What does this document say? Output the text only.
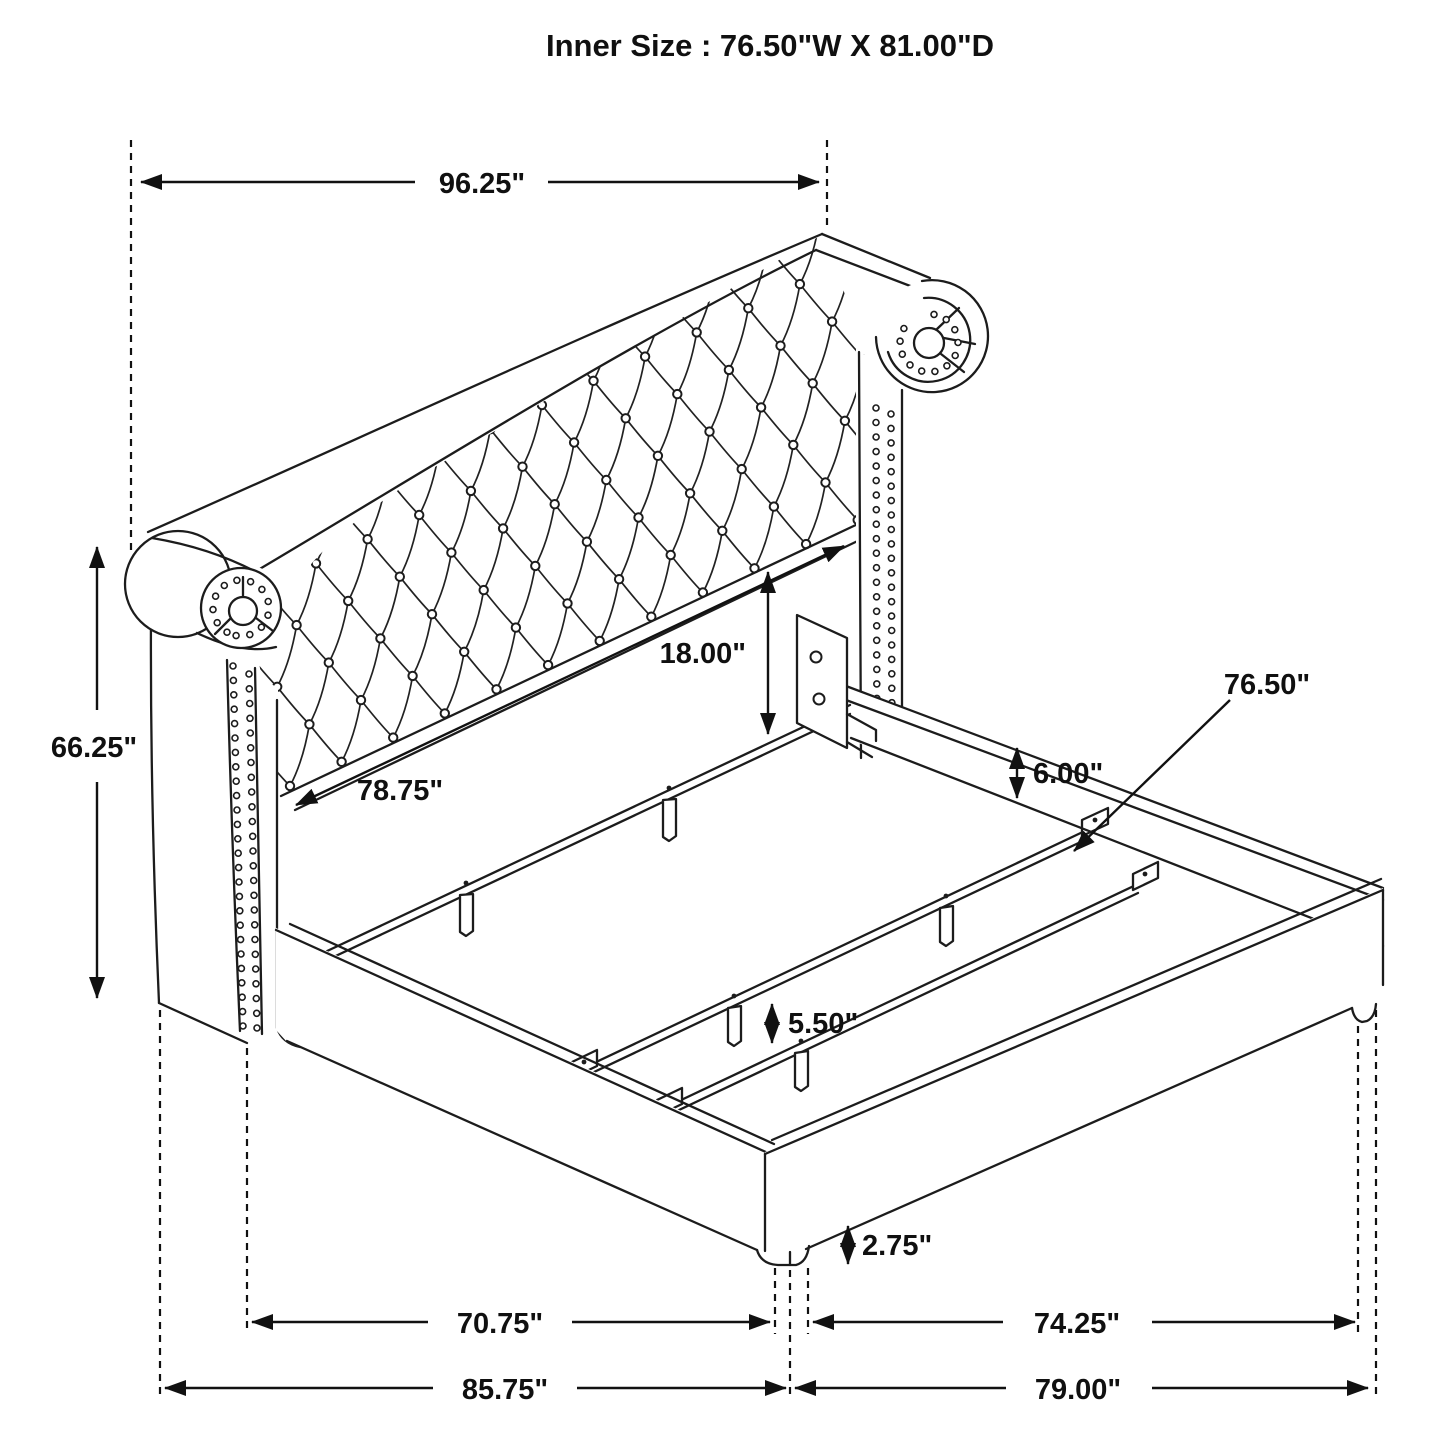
96.25"
66.25"
18.00"
78.75"
6.00"
76.50"
5.50"
2.75"
70.75"	74.25"
85.75"	79.00"
Inner Size : 76.50"W X 81.00"D
